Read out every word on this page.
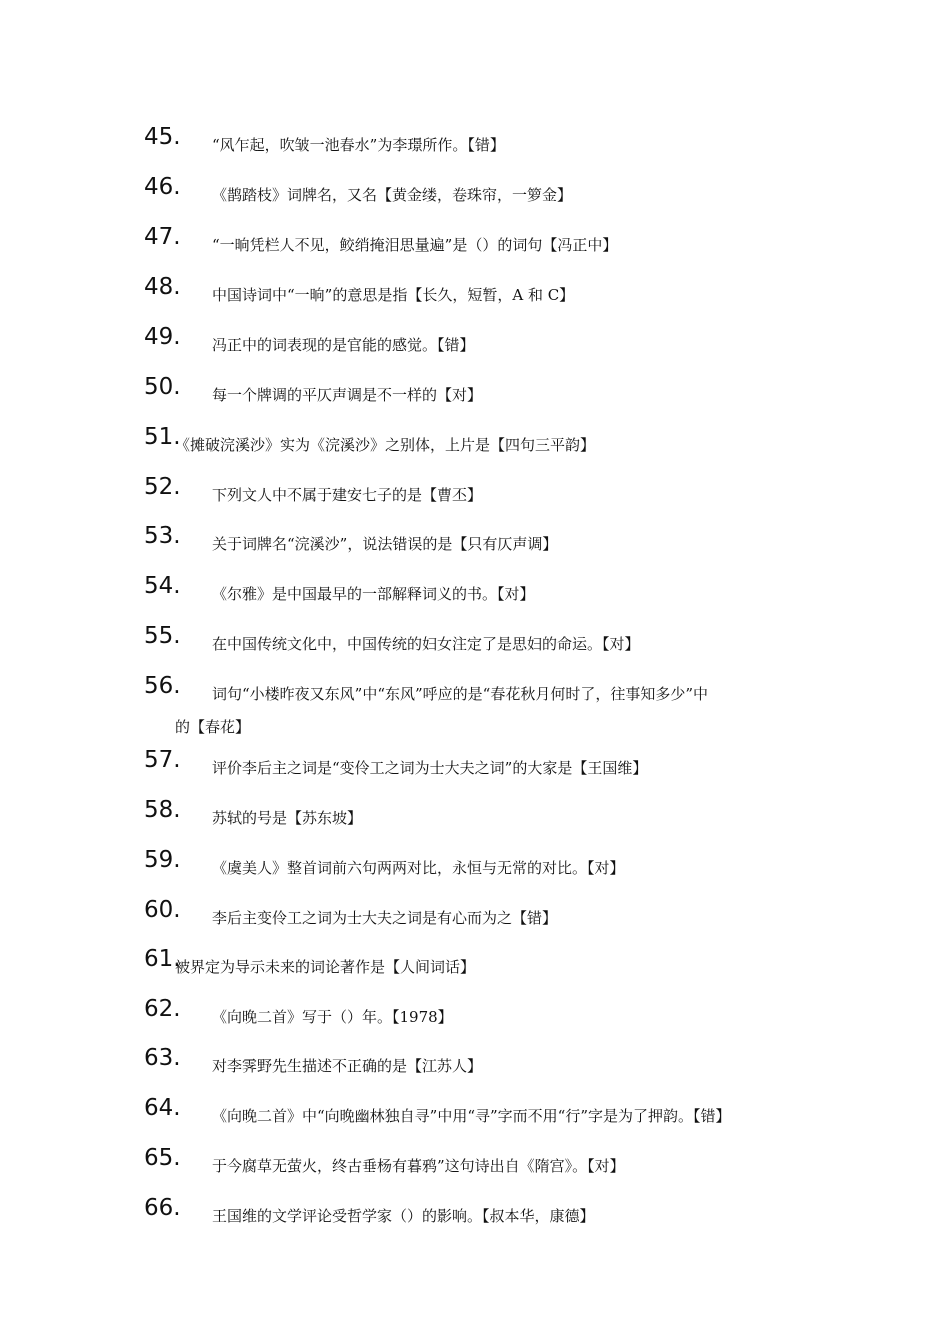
45. “风乍起，吹皱一池春水”为李璟所作。【错】
46. 《鹊踏枝》词牌名，又名【黄金缕，卷珠帘，一箩金】
47. “一晌凭栏人不见，鲛绡掩泪思量遍”是（）的词句【冯正中】
48. 中国诗词中“一晌”的意思是指【长久，短暂，A 和 C】
49. 冯正中的词表现的是官能的感觉。【错】
50. 每一个牌调的平仄声调是不一样的【对】
51.
《摊破浣溪沙》实为《浣溪沙》之别体，上片是【四句三平韵】
52. 下列文人中不属于建安七子的是【曹丕】
53. 关于词牌名“浣溪沙”，说法错误的是【只有仄声调】
54. 《尔雅》是中国最早的一部解释词义的书。【对】
55. 在中国传统文化中，中国传统的妇女注定了是思妇的命运。【对】
56. 词句“小楼昨夜又东风”中“东风”呼应的是“春花秋月何时了，往事知多少”中
的【春花】
57. 评价李后主之词是“变伶工之词为士大夫之词”的大家是【王国维】
58. 苏轼的号是【苏东坡】
59. 《虞美人》整首词前六句两两对比，永恒与无常的对比。【对】
60. 李后主变伶工之词为士大夫之词是有心而为之【错】
61.
被界定为导示未来的词论著作是【人间词话】
62. 《向晚二首》写于（）年。【1978】
63. 对李霁野先生描述不正确的是【江苏人】
64. 《向晚二首》中“向晚幽林独自寻”中用“寻”字而不用“行”字是为了押韵。【错】
65. 于今腐草无萤火，终古垂杨有暮鸦”这句诗出自《隋宫》。【对】
66. 王国维的文学评论受哲学家（）的影响。【叔本华，康德】
